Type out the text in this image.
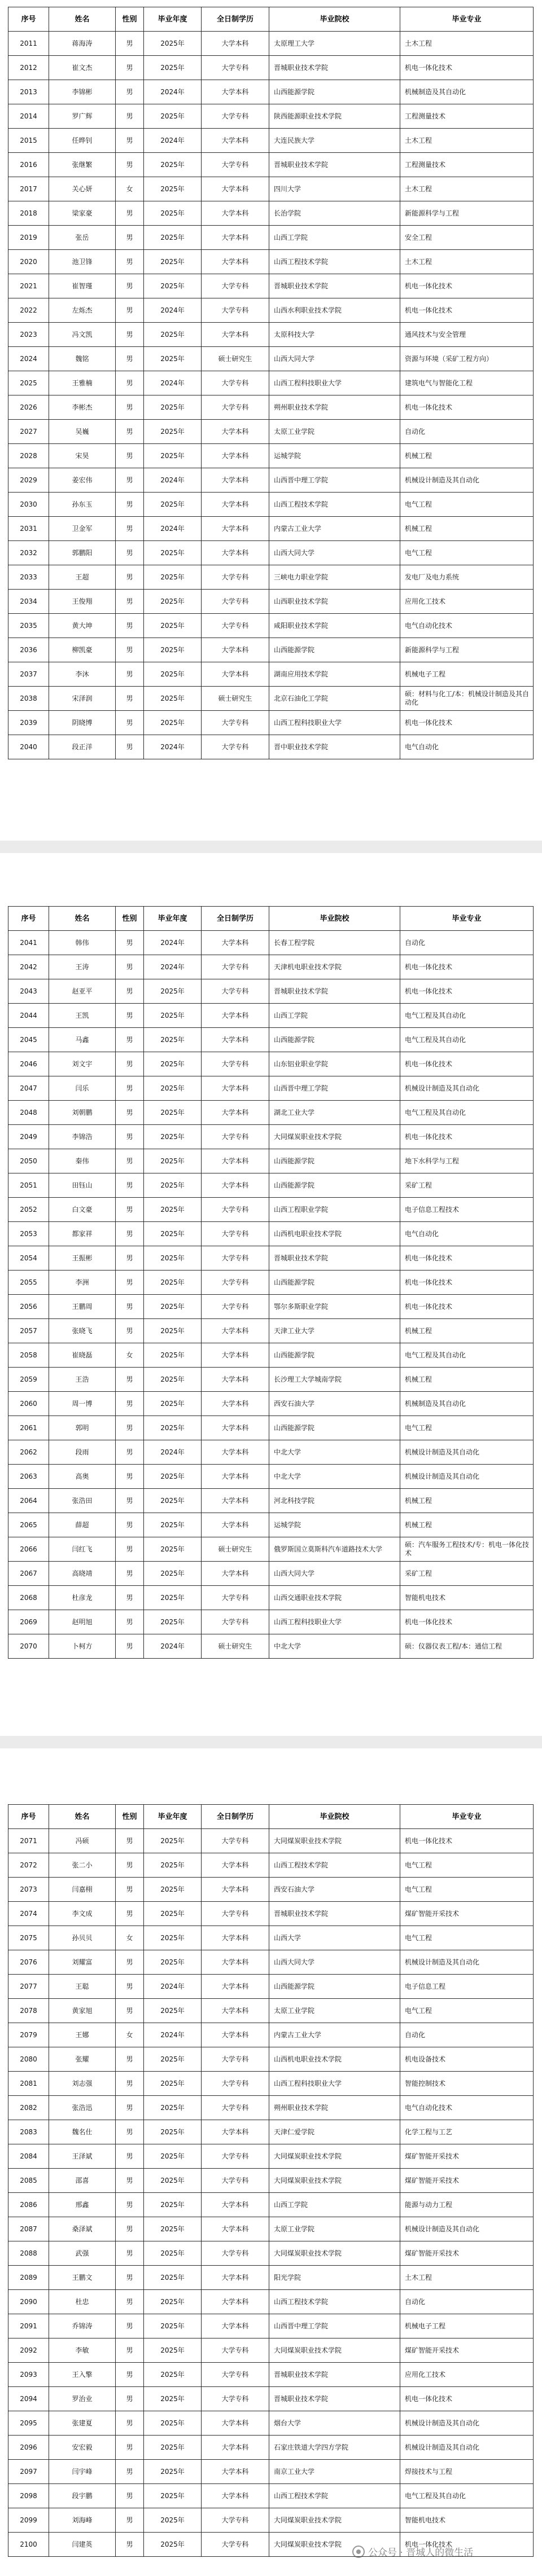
序号	姓名	性别	毕业年度	全日制学历	毕业院校	毕业专业
2011	蒋海涛	男	2025年	大学本科	太原理工大学	土木工程
2012	崔文杰	男	2025年	大学专科	晋城职业技术学院	机电一体化技术
2013	李锦彬	男	2024年	大学本科	山西能源学院	机械制造及其自动化
2014	罗广辉	男	2025年	大学专科	陕西能源职业技术学院	工程测量技术
2015	任晔钊	男	2024年	大学本科	大连民族大学	土木工程
2016	张继繁	男	2025年	大学专科	晋城职业技术学院	工程测量技术
2017	关心妍	女	2025年	大学本科	四川大学	土木工程
2018	梁家豪	男	2025年	大学本科	长治学院	新能源科学与工程
2019	张岳	男	2025年	大学本科	山西工学院	安全工程
2020	池卫锋	男	2025年	大学本科	山西工程技术学院	土木工程
2021	崔智瑾	男	2025年	大学专科	晋城职业技术学院	机电一体化技术
2022	左烁杰	男	2024年	大学专科	山西水利职业技术学院	机电一体化技术
2023	冯文凯	男	2025年	大学本科	太原科技大学	通风技术与安全管理
2024	魏铭	男	2025年	硕士研究生	山西大同大学	资源与环境（采矿工程方向）
2025	王雅楠	男	2024年	大学专科	山西工程科技职业大学	建筑电气与智能化工程
2026	李彬杰	男	2025年	大学专科	朔州职业技术学院	机电一体化技术
2027	吴巍	男	2025年	大学本科	太原工业学院	自动化
2028	宋昊	男	2025年	大学本科	运城学院	机械工程
2029	姜宏伟	男	2024年	大学本科	山西晋中理工学院	机械设计制造及其自动化
2030	孙东玉	男	2025年	大学本科	山西工程技术学院	电气工程
2031	卫金军	男	2024年	大学本科	内蒙古工业大学	机械工程
2032	郭鹏阳	男	2025年	大学本科	山西大同大学	电气工程
2033	王超	男	2025年	大学专科	三峡电力职业学院	发电厂及电力系统
2034	王俊翔	男	2025年	大学专科	山西职业技术学院	应用化工技术
2035	黄大坤	男	2025年	大学专科	咸阳职业技术学院	电气自动化技术
2036	柳凯豪	男	2025年	大学本科	山西能源学院	新能源科学与工程
2037	李沐	男	2025年	大学本科	湖南应用技术学院	机械电子工程
2038	宋泽润	男	2025年	硕士研究生	北京石油化工学院	硕：材料与化工/本：机械设计制造及其自动化
2039	阴晓博	男	2025年	大学专科	山西工程科技职业大学	机电一体化技术
2040	段正洋	男	2024年	大学专科	晋中职业技术学院	电气自动化
序号	姓名	性别	毕业年度	全日制学历	毕业院校	毕业专业
2041	韩伟	男	2024年	大学本科	长春工程学院	自动化
2042	王涛	男	2024年	大学专科	天津机电职业技术学院	机电一体化技术
2043	赵亚平	男	2025年	大学专科	晋城职业技术学院	机电一体化技术
2044	王凯	男	2025年	大学本科	山西工学院	电气工程及其自动化
2045	马鑫	男	2025年	大学本科	山西能源学院	电气工程及其自动化
2046	刘文宇	男	2025年	大学专科	山东铝业职业学院	机电一体化技术
2047	闫乐	男	2025年	大学本科	山西晋中理工学院	机械设计制造及其自动化
2048	刘朝鹏	男	2025年	大学本科	湖北工业大学	电气工程及其自动化
2049	李锦浩	男	2025年	大学专科	大同煤炭职业技术学院	机电一体化技术
2050	秦伟	男	2025年	大学本科	山西能源学院	地下水科学与工程
2051	田钰山	男	2025年	大学本科	山西能源学院	采矿工程
2052	白文豪	男	2025年	大学专科	山西工程职业学院	电子信息工程技术
2053	都家祥	男	2025年	大学专科	山西机电职业技术学院	电气自动化
2054	王振彬	男	2025年	大学专科	晋城职业技术学院	机电一体化技术
2055	李洲	男	2025年	大学专科	山西能源学院	机电一体化技术
2056	王鹏周	男	2025年	大学专科	鄂尔多斯职业学院	机电一体化技术
2057	张晓飞	男	2025年	大学本科	天津工业大学	机械工程
2058	崔晓磊	女	2025年	大学本科	山西能源学院	电气工程及其自动化
2059	王浩	男	2025年	大学本科	长沙理工大学城南学院	机械工程
2060	周一博	男	2025年	大学本科	西安石油大学	机械制造及其自动化
2061	郭明	男	2025年	大学本科	山西能源学院	电气工程
2062	段雨	男	2024年	大学本科	中北大学	机械设计制造及其自动化
2063	高奥	男	2025年	大学本科	中北大学	机械设计制造及其自动化
2064	张浩田	男	2025年	大学本科	河北科技学院	机械工程
2065	薛超	男	2025年	大学本科	运城学院	机械工程
2066	闫红飞	男	2025年	硕士研究生	俄罗斯国立莫斯科汽车道路技术大学	硕：汽车服务工程技术/专：机电一体化技术
2067	高晓靖	男	2025年	大学本科	山西大同大学	采矿工程
2068	杜彦龙	男	2025年	大学专科	山西交通职业技术学院	智能机电技术
2069	赵明旭	男	2025年	大学专科	山西工程科技职业大学	机电一体化技术
2070	卜柯方	男	2024年	硕士研究生	中北大学	硕：仪器仪表工程/本：通信工程
序号	姓名	性别	毕业年度	全日制学历	毕业院校	毕业专业
2071	冯硕	男	2025年	大学专科	大同煤炭职业技术学院	机电一体化技术
2072	张二小	男	2025年	大学本科	山西工程技术学院	电气工程
2073	闫嘉栩	男	2025年	大学本科	西安石油大学	电气工程
2074	李文成	男	2025年	大学专科	晋城职业技术学院	煤矿智能开采技术
2075	孙贝贝	女	2025年	大学本科	山西大学	电气工程
2076	刘耀富	男	2025年	大学本科	山西大同大学	机械设计制造及其自动化
2077	王聪	男	2024年	大学本科	山西能源学院	电子信息工程
2078	黄家旭	男	2025年	大学本科	太原工业学院	电气工程
2079	王娜	女	2024年	大学本科	内蒙古工业大学	自动化
2080	张耀	男	2025年	大学专科	山西机电职业技术学院	机电设备技术
2081	刘志强	男	2025年	大学专科	山西工程科技职业大学	智能控制技术
2082	张浩迅	男	2025年	大学专科	朔州职业技术学院	电气自动化技术
2083	魏名仕	男	2025年	大学本科	天津仁爱学院	化学工程与工艺
2084	王泽斌	男	2025年	大学专科	大同煤炭职业技术学院	煤矿智能开采技术
2085	邵喜	男	2025年	大学专科	大同煤炭职业技术学院	煤矿智能开采技术
2086	邢鑫	男	2025年	大学本科	山西工学院	能源与动力工程
2087	桑泽斌	男	2025年	大学本科	太原工业学院	机械设计制造及其自动化
2088	武强	男	2025年	大学专科	大同煤炭职业技术学院	煤矿智能开采技术
2089	王鹏文	男	2025年	大学本科	阳光学院	土木工程
2090	杜忠	男	2025年	大学本科	山西工程技术学院	自动化
2091	乔锦涛	男	2025年	大学本科	山西晋中理工学院	机械电子工程
2092	李敏	男	2025年	大学专科	大同煤炭职业技术学院	煤矿智能开采技术
2093	王入擎	男	2025年	大学专科	晋城职业技术学院	应用化工技术
2094	罗治业	男	2025年	大学专科	晋城职业技术学院	机电一体化技术
2095	张建夏	男	2025年	大学本科	烟台大学	机械设计制造及其自动化
2096	安宏毅	男	2025年	大学本科	石家庄铁道大学四方学院	机械设计制造及其自动化
2097	闫宇峰	男	2025年	大学本科	南京工业大学	焊接技术与工程
2098	段宇鹏	男	2025年	大学本科	山西工程技术学院	电气工程及其自动化
2099	刘海峰	男	2025年	大学专科	大同煤炭职业技术学院	智能机电技术
2100	闫建英	男	2025年	大学专科	大同煤炭职业技术学院	机电一体化技术
公众号 · 晋城人的微生活
